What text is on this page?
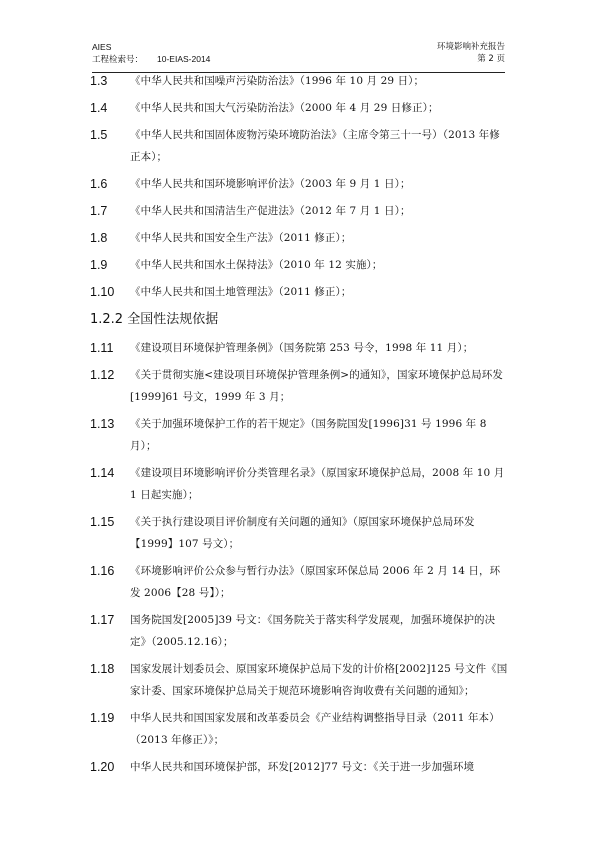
AIES
工程检索号： 10-EIAS-2014
环境影响补充报告
第 2 页
1.3 《中华人民共和国噪声污染防治法》（1996 年 10 月 29 日）；
1.4 《中华人民共和国大气污染防治法》（2000 年 4 月 29 日修正）；
1.5 《中华人民共和国固体废物污染环境防治法》（主席令第三十一号）（2013 年修正本）；
1.6 《中华人民共和国环境影响评价法》（2003 年 9 月 1 日）；
1.7 《中华人民共和国清洁生产促进法》（2012 年 7 月 1 日）；
1.8 《中华人民共和国安全生产法》（2011 修正）；
1.9 《中华人民共和国水土保持法》（2010 年 12 实施）；
1.10 《中华人民共和国土地管理法》（2011 修正）；
1.2.2 全国性法规依据
1.11 《建设项目环境保护管理条例》（国务院第 253 号令，1998 年 11 月）；
1.12 《关于贯彻实施<建设项目环境保护管理条例>的通知》，国家环境保护总局环发[1999]61 号文，1999 年 3 月；
1.13 《关于加强环境保护工作的若干规定》（国务院国发[1996]31 号 1996 年 8 月）；
1.14 《建设项目环境影响评价分类管理名录》（原国家环境保护总局，2008 年 10 月 1 日起实施）；
1.15 《关于执行建设项目评价制度有关问题的通知》（原国家环境保护总局环发【1999】107 号文）；
1.16 《环境影响评价公众参与暂行办法》（原国家环保总局 2006 年 2 月 14 日，环发 2006【28 号】）；
1.17 国务院国发[2005]39 号文：《国务院关于落实科学发展观，加强环境保护的决定》（2005.12.16）；
1.18 国家发展计划委员会、原国家环境保护总局下发的计价格[2002]125 号文件《国家计委、国家环境保护总局关于规范环境影响咨询收费有关问题的通知》；
1.19 中华人民共和国国家发展和改革委员会《产业结构调整指导目录（2011 年本）（2013 年修正）》；
1.20 中华人民共和国环境保护部，环发[2012]77 号文：《关于进一步加强环境
